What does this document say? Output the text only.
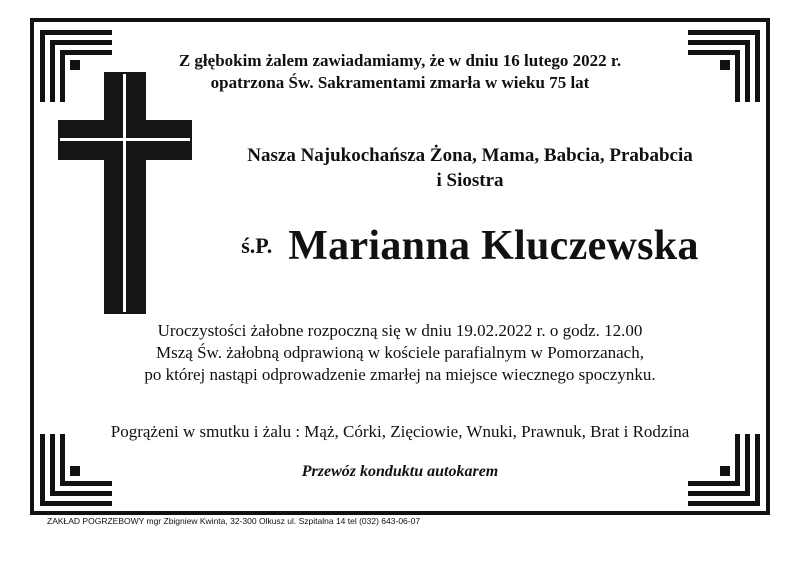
Z głębokim żalem zawiadamiamy, że w dniu 16 lutego 2022 r.
opatrzona Św. Sakramentami zmarła w wieku 75 lat
Nasza Najukochańsza Żona, Mama, Babcia, Prababcia
i Siostra
ś.P. Marianna Kluczewska
Uroczystości żałobne rozpoczną się w dniu 19.02.2022 r. o godz. 12.00
Mszą Św. żałobną odprawioną w kościele parafialnym w Pomorzanach,
po której nastąpi odprowadzenie zmarłej na miejsce wiecznego spoczynku.
Pogrążeni w smutku i żalu : Mąż, Córki, Zięciowie, Wnuki, Prawnuk, Brat i Rodzina
Przewóz konduktu autokarem
ZAKŁAD POGRZEBOWY mgr Zbigniew Kwinta, 32-300 Olkusz ul. Szpitalna 14 tel (032) 643-06-07
